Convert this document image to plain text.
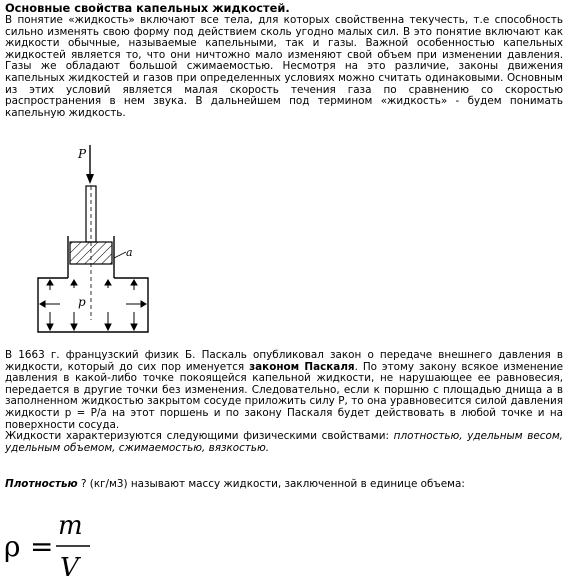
Основные свойства капельных жидкостей.

В понятие «жидкость» включают все тела, для которых свойственна текучесть, т.е способность сильно изменять свою форму под действием сколь угодно малых сил. В это понятие включают как жидкости обычные, называемые капельными, так и газы. Важной особенностью капельных жидкостей является то, что они ничтожно мало изменяют свой объем при изменении давления. Газы же обладают большой сжимаемостью. Несмотря на это различие, законы движения капельных жидкостей и газов при определенных условиях можно считать одинаковыми. Основным из этих условий является малая скорость течения газа по сравнению со скоростью распространения в нем звука. В дальнейшем под термином «жидкость» - будем понимать капельную жидкость.

P
a
p

В 1663 г. французский физик Б. Паскаль опубликовал закон о передаче внешнего давления в жидкости, который до сих пор именуется законом Паскаля. По этому закону всякое изменение давления в какой-либо точке покоящейся капельной жидкости, не нарушающее ее равновесия, передается в другие точки без изменения. Следовательно, если к поршню с площадью днища a в заполненном жидкостью закрытом сосуде приложить силу P, то она уравновесится силой давления жидкости p = P/a на этот поршень и по закону Паскаля будет действовать в любой точке и на поверхности сосуда.

Жидкости характеризуются следующими физическими свойствами: плотностью, удельным весом, удельным объемом, сжимаемостью, вязкостью.

Плотностью ? (кг/м3) называют массу жидкости, заключенной в единице объема:
ρ =
m
V
